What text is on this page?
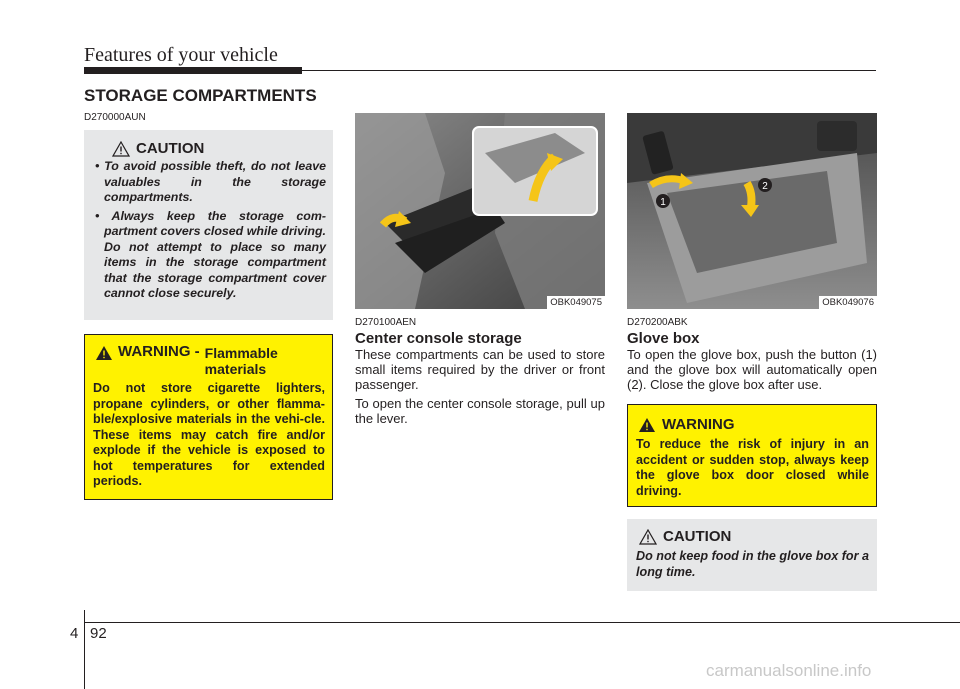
Features of your vehicle
STORAGE COMPARTMENTS
D270000AUN
CAUTION
• To avoid possible theft, do not leave valuables in the storage compartments.
• Always keep the storage com-partment covers closed while driving. Do not attempt to place so many items in the storage compartment that the storage compartment cover cannot close securely.
WARNING - Flammable materials
Do not store cigarette lighters, propane cylinders, or other flamma-ble/explosive materials in the vehi-cle. These items may catch fire and/or explode if the vehicle is exposed to hot temperatures for extended periods.
OBK049075
D270100AEN
Center console storage
These compartments can be used to store small items required by the driver or front passenger.
To open the center console storage, pull up the lever.
1
2
OBK049076
D270200ABK
Glove box
To open the glove box, push the button (1) and the glove box will automatically open (2). Close the glove box after use.
WARNING
To reduce the risk of injury in an accident or sudden stop, always keep the glove box door closed while driving.
CAUTION
Do not keep food in the glove box for a long time.
4 92
carmanualsonline.info
